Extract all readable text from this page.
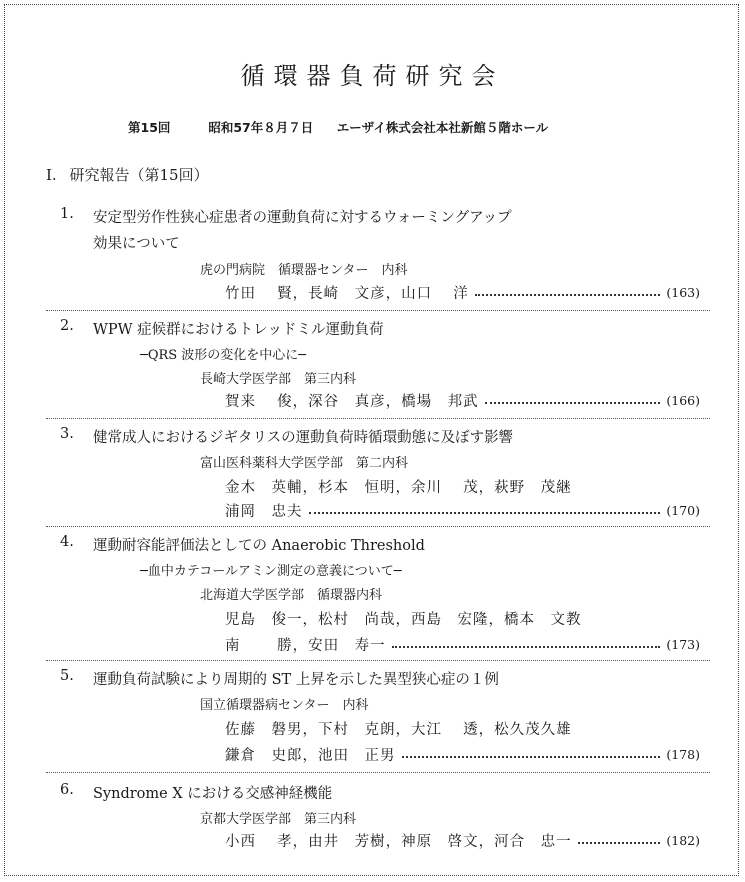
循環器負荷研究会
第15回	昭和57年８月７日 エーザイ株式会社本社新館５階ホール
Ⅰ. 研究報告（第15回）
1. 安定型労作性狭心症患者の運動負荷に対するウォーミングアップ
効果について
虎の門病院　循環器センター　内科
竹田　 賢，長崎　文彦，山口　 洋	(163)
2. WPW 症候群におけるトレッドミル運動負荷
─QRS 波形の変化を中心に─
長崎大学医学部　第三内科
賀来　 俊，深谷　真彦，橋場　邦武	(166)
3. 健常成人におけるジギタリスの運動負荷時循環動態に及ぼす影響
富山医科薬科大学医学部　第二内科
金木　英輔，杉本　恒明，余川　 茂，萩野　茂継
浦岡　忠夫	(170)
4. 運動耐容能評価法としての Anaerobic Threshold
─血中カテコールアミン測定の意義について─
北海道大学医学部　循環器内科
児島　俊一，松村　尚哉，西島　宏隆，橋本　文教
南　　 勝，安田　寿一	(173)
5. 運動負荷試験により周期的 ST 上昇を示した異型狭心症の１例
国立循環器病センター　内科
佐藤　磐男，下村　克朗，大江　 透，松久茂久雄
鎌倉　史郎，池田　正男	(178)
6. Syndrome X における交感神経機能
京都大学医学部　第三内科
小西　 孝，由井　芳樹，神原　啓文，河合　忠一	(182)
